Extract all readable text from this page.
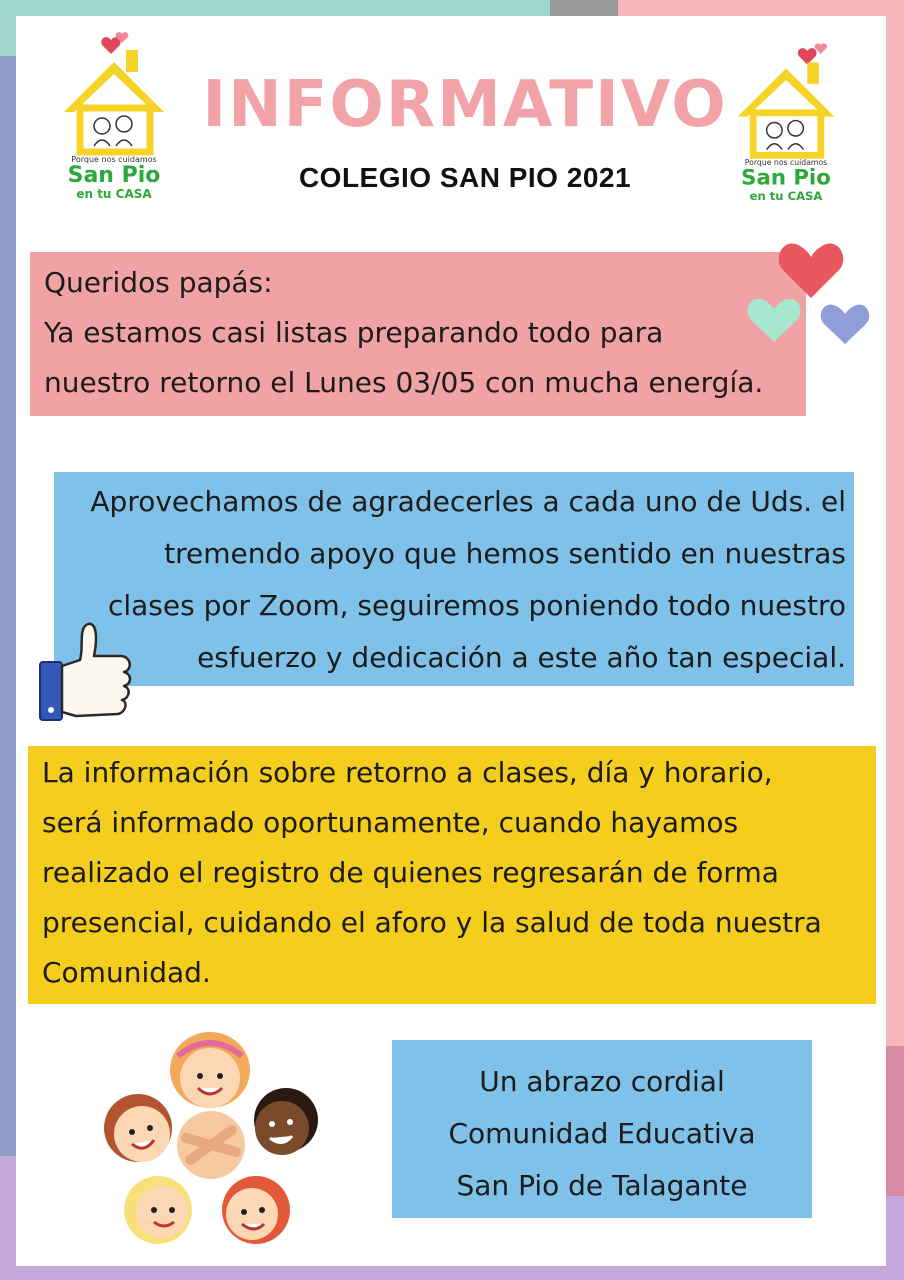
Porque nos cuidamos
San Pio
en tu CASA
Porque nos cuidamos
San Pio
en tu CASA
INFORMATIVO
COLEGIO SAN PIO 2021
Queridos papás:
Ya estamos casi listas preparando todo para
nuestro retorno el Lunes 03/05 con mucha energía.
Aprovechamos de agradecerles a cada uno de Uds. el
tremendo apoyo que hemos sentido en nuestras
clases por Zoom, seguiremos poniendo todo nuestro
esfuerzo y dedicación a este año tan especial.
La información sobre retorno a clases, día y horario,
será informado oportunamente, cuando hayamos
realizado el registro de quienes regresarán de forma
presencial, cuidando el aforo y la salud de toda nuestra
Comunidad.
Un abrazo cordial
Comunidad Educativa
San Pio de Talagante
